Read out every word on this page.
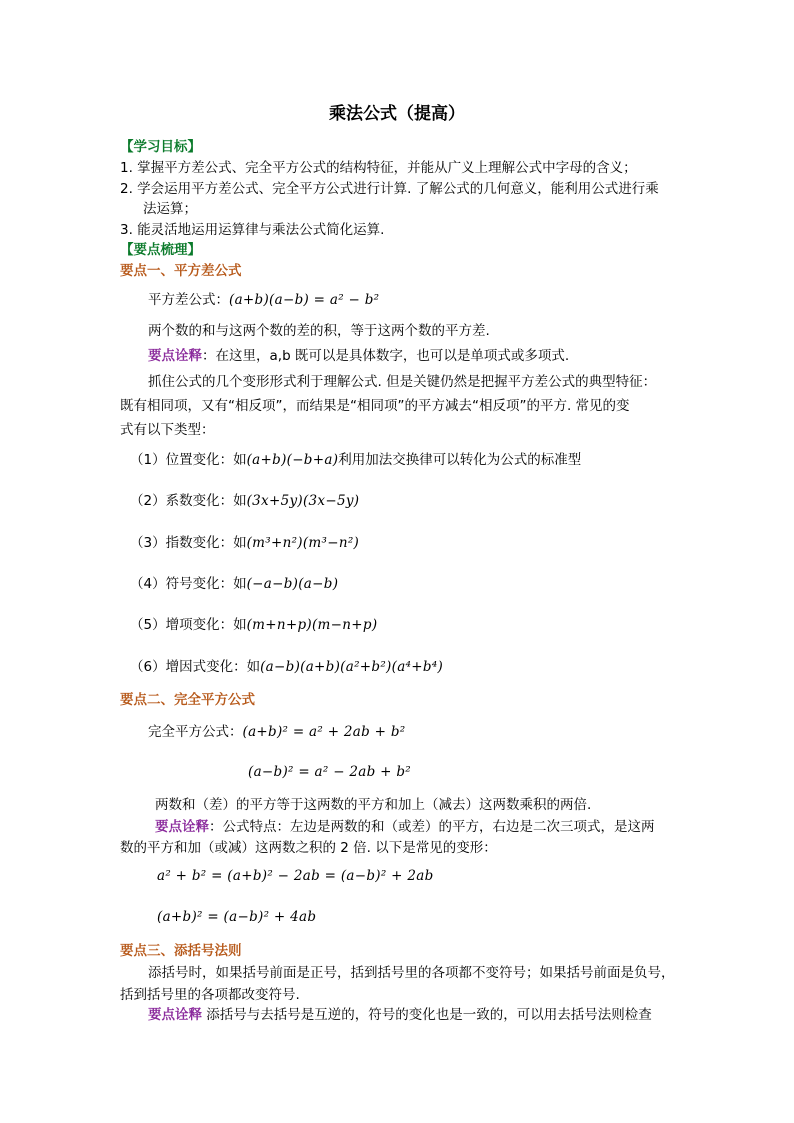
乘法公式（提高）
【学习目标】
1. 掌握平方差公式、完全平方公式的结构特征，并能从广义上理解公式中字母的含义；
2. 学会运用平方差公式、完全平方公式进行计算. 了解公式的几何意义，能利用公式进行乘
法运算；
3. 能灵活地运用运算律与乘法公式简化运算.
【要点梳理】
要点一、平方差公式
平方差公式：(a+b)(a−b) = a² − b²
两个数的和与这两个数的差的积，等于这两个数的平方差.
要点诠释：在这里，a,b 既可以是具体数字，也可以是单项式或多项式.
抓住公式的几个变形形式利于理解公式. 但是关键仍然是把握平方差公式的典型特征：
既有相同项，又有“相反项”，而结果是“相同项”的平方减去“相反项”的平方. 常见的变
式有以下类型：
（1）位置变化：如(a+b)(−b+a)利用加法交换律可以转化为公式的标准型
（2）系数变化：如(3x+5y)(3x−5y)
（3）指数变化：如(m³+n²)(m³−n²)
（4）符号变化：如(−a−b)(a−b)
（5）增项变化：如(m+n+p)(m−n+p)
（6）增因式变化：如(a−b)(a+b)(a²+b²)(a⁴+b⁴)
要点二、完全平方公式
完全平方公式：(a+b)² = a² + 2ab + b²
(a−b)² = a² − 2ab + b²
两数和（差）的平方等于这两数的平方和加上（减去）这两数乘积的两倍.
要点诠释：公式特点：左边是两数的和（或差）的平方，右边是二次三项式，是这两
数的平方和加（或减）这两数之积的 2 倍. 以下是常见的变形：
a² + b² = (a+b)² − 2ab = (a−b)² + 2ab
(a+b)² = (a−b)² + 4ab
要点三、添括号法则
添括号时，如果括号前面是正号，括到括号里的各项都不变符号；如果括号前面是负号，
括到括号里的各项都改变符号.
要点诠释 添括号与去括号是互逆的，符号的变化也是一致的，可以用去括号法则检查
